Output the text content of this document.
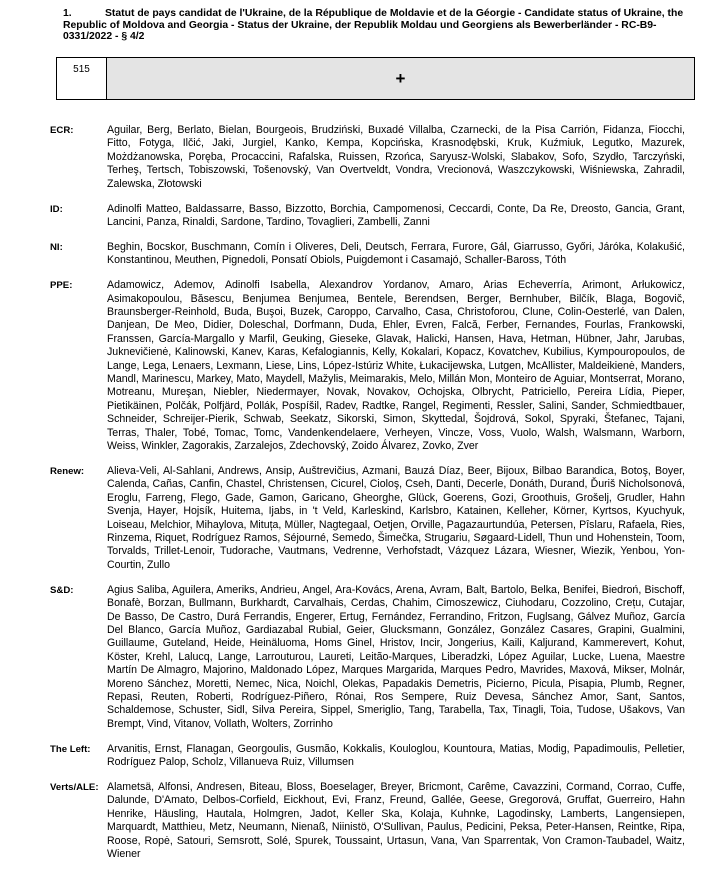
1.	Statut de pays candidat de l'Ukraine, de la République de Moldavie et de la Géorgie - Candidate status of Ukraine, the Republic of Moldova and Georgia - Status der Ukraine, der Republik Moldau und Georgiens als Bewerberländer - RC-B9-0331/2022 - § 4/2
515	+
ECR:	Aguilar, Berg, Berlato, Bielan, Bourgeois, Brudziński, Buxadé Villalba, Czarnecki, de la Pisa Carrión, Fidanza, Fiocchi, Fitto, Fotyga, Ilčić, Jaki, Jurgiel, Kanko, Kempa, Kopcińska, Krasnodębski, Kruk, Kuźmiuk, Legutko, Mazurek, Możdżanowska, Poręba, Procaccini, Rafalska, Ruissen, Rzońca, Saryusz-Wolski, Slabakov, Sofo, Szydło, Tarczyński, Terheş, Tertsch, Tobiszowski, Tošenovský, Van Overtveldt, Vondra, Vrecionová, Waszczykowski, Wiśniewska, Zahradil, Zalewska, Złotowski
ID:	Adinolfi Matteo, Baldassarre, Basso, Bizzotto, Borchia, Campomenosi, Ceccardi, Conte, Da Re, Dreosto, Gancia, Grant, Lancini, Panza, Rinaldi, Sardone, Tardino, Tovaglieri, Zambelli, Zanni
NI:	Beghin, Bocskor, Buschmann, Comín i Oliveres, Deli, Deutsch, Ferrara, Furore, Gál, Giarrusso, Győri, Járóka, Kolakušić, Konstantinou, Meuthen, Pignedoli, Ponsatí Obiols, Puigdemont i Casamajó, Schaller-Baross, Tóth
PPE:	Adamowicz, Ademov, Adinolfi Isabella, Alexandrov Yordanov, Amaro, Arias Echeverría, Arimont, Arłukowicz, Asimakopoulou, Băsescu, Benjumea Benjumea, Bentele, Berendsen, Berger, Bernhuber, Bilčík, Blaga, Bogovič, Braunsberger-Reinhold, Buda, Buşoi, Buzek, Caroppo, Carvalho, Casa, Christoforou, Clune, Colin-Oesterlé, van Dalen, Danjean, De Meo, Didier, Doleschal, Dorfmann, Duda, Ehler, Evren, Falcă, Ferber, Fernandes, Fourlas, Frankowski, Franssen, García-Margallo y Marfil, Geuking, Gieseke, Glavak, Halicki, Hansen, Hava, Hetman, Hübner, Jahr, Jarubas, Juknevičienė, Kalinowski, Kanev, Karas, Kefalogiannis, Kelly, Kokalari, Kopacz, Kovatchev, Kubilius, Kympouropoulos, de Lange, Lega, Lenaers, Lexmann, Liese, Lins, López-Istúriz White, Łukacijewska, Lutgen, McAllister, Maldeikienė, Manders, Mandl, Marinescu, Markey, Mato, Maydell, Mažylis, Meimarakis, Melo, Millán Mon, Monteiro de Aguiar, Montserrat, Morano, Motreanu, Mureşan, Niebler, Niedermayer, Novak, Novakov, Ochojska, Olbrycht, Patriciello, Pereira Lídia, Pieper, Pietikäinen, Polčák, Polfjärd, Pollák, Pospíšil, Radev, Radtke, Rangel, Regimenti, Ressler, Salini, Sander, Schmiedtbauer, Schneider, Schreijer-Pierik, Schwab, Seekatz, Sikorski, Simon, Skyttedal, Šojdrová, Sokol, Spyraki, Štefanec, Tajani, Terras, Thaler, Tobé, Tomac, Tomc, Vandenkendelaere, Verheyen, Vincze, Voss, Vuolo, Walsh, Walsmann, Warborn, Weiss, Winkler, Zagorakis, Zarzalejos, Zdechovský, Zoido Álvarez, Zovko, Zver
Renew:	Alieva-Veli, Al-Sahlani, Andrews, Ansip, Auštrevičius, Azmani, Bauzá Díaz, Beer, Bijoux, Bilbao Barandica, Botoş, Boyer, Calenda, Cañas, Canfin, Chastel, Christensen, Cicurel, Cioloş, Cseh, Danti, Decerle, Donáth, Durand, Ďuriš Nicholsonová, Eroglu, Farreng, Flego, Gade, Gamon, Garicano, Gheorghe, Glück, Goerens, Gozi, Groothuis, Grošelj, Grudler, Hahn Svenja, Hayer, Hojsík, Huitema, Ijabs, in 't Veld, Karleskind, Karlsbro, Katainen, Kelleher, Körner, Kyrtsos, Kyuchyuk, Loiseau, Melchior, Mihaylova, Mituța, Müller, Nagtegaal, Oetjen, Orville, Pagazaurtundúa, Petersen, Pîslaru, Rafaela, Ries, Rinzema, Riquet, Rodríguez Ramos, Séjourné, Semedo, Šimečka, Strugariu, Søgaard-Lidell, Thun und Hohenstein, Toom, Torvalds, Trillet-Lenoir, Tudorache, Vautmans, Vedrenne, Verhofstadt, Vázquez Lázara, Wiesner, Wiezik, Yenbou, Yon-Courtin, Zullo
S&D:	Agius Saliba, Aguilera, Ameriks, Andrieu, Angel, Ara-Kovács, Arena, Avram, Balt, Bartolo, Belka, Benifei, Biedroń, Bischoff, Bonafè, Borzan, Bullmann, Burkhardt, Carvalhais, Cerdas, Chahim, Cimoszewicz, Ciuhodaru, Cozzolino, Crețu, Cutajar, De Basso, De Castro, Durá Ferrandis, Engerer, Ertug, Fernández, Ferrandino, Fritzon, Fuglsang, Gálvez Muñoz, García Del Blanco, García Muñoz, Gardiazabal Rubial, Geier, Glucksmann, González, González Casares, Grapini, Gualmini, Guillaume, Guteland, Heide, Heinäluoma, Homs Ginel, Hristov, Incir, Jongerius, Kaili, Kaljurand, Kammerevert, Kohut, Köster, Krehl, Lalucq, Lange, Larrouturou, Laureti, Leitão-Marques, Liberadzki, López Aguilar, Lucke, Luena, Maestre Martín De Almagro, Majorino, Maldonado López, Marques Margarida, Marques Pedro, Mavrides, Maxová, Mikser, Molnár, Moreno Sánchez, Moretti, Nemec, Nica, Noichl, Olekas, Papadakis Demetris, Picierno, Picula, Pisapia, Plumb, Regner, Repasi, Reuten, Roberti, Rodríguez-Piñero, Rónai, Ros Sempere, Ruiz Devesa, Sánchez Amor, Sant, Santos, Schaldemose, Schuster, Sidl, Silva Pereira, Sippel, Smeriglio, Tang, Tarabella, Tax, Tinagli, Toia, Tudose, Ušakovs, Van Brempt, Vind, Vitanov, Vollath, Wolters, Zorrinho
The Left:	Arvanitis, Ernst, Flanagan, Georgoulis, Gusmão, Kokkalis, Kouloglou, Kountoura, Matias, Modig, Papadimoulis, Pelletier, Rodríguez Palop, Scholz, Villanueva Ruiz, Villumsen
Verts/ALE: Alametsä, Alfonsi, Andresen, Biteau, Bloss, Boeselager, Breyer, Bricmont, Carême, Cavazzini, Cormand, Corrao, Cuffe, Dalunde, D'Amato, Delbos-Corfield, Eickhout, Evi, Franz, Freund, Gallée, Geese, Gregorová, Gruffat, Guerreiro, Hahn Henrike, Häusling, Hautala, Holmgren, Jadot, Keller Ska, Kolaja, Kuhnke, Lagodinsky, Lamberts, Langensiepen, Marquardt, Matthieu, Metz, Neumann, Nienaß, Niinistö, O'Sullivan, Paulus, Pedicini, Peksa, Peter-Hansen, Reintke, Ripa, Roose, Ropė, Satouri, Semsrott, Solé, Spurek, Toussaint, Urtasun, Vana, Van Sparrentak, Von Cramon-Taubadel, Waitz, Wiener
